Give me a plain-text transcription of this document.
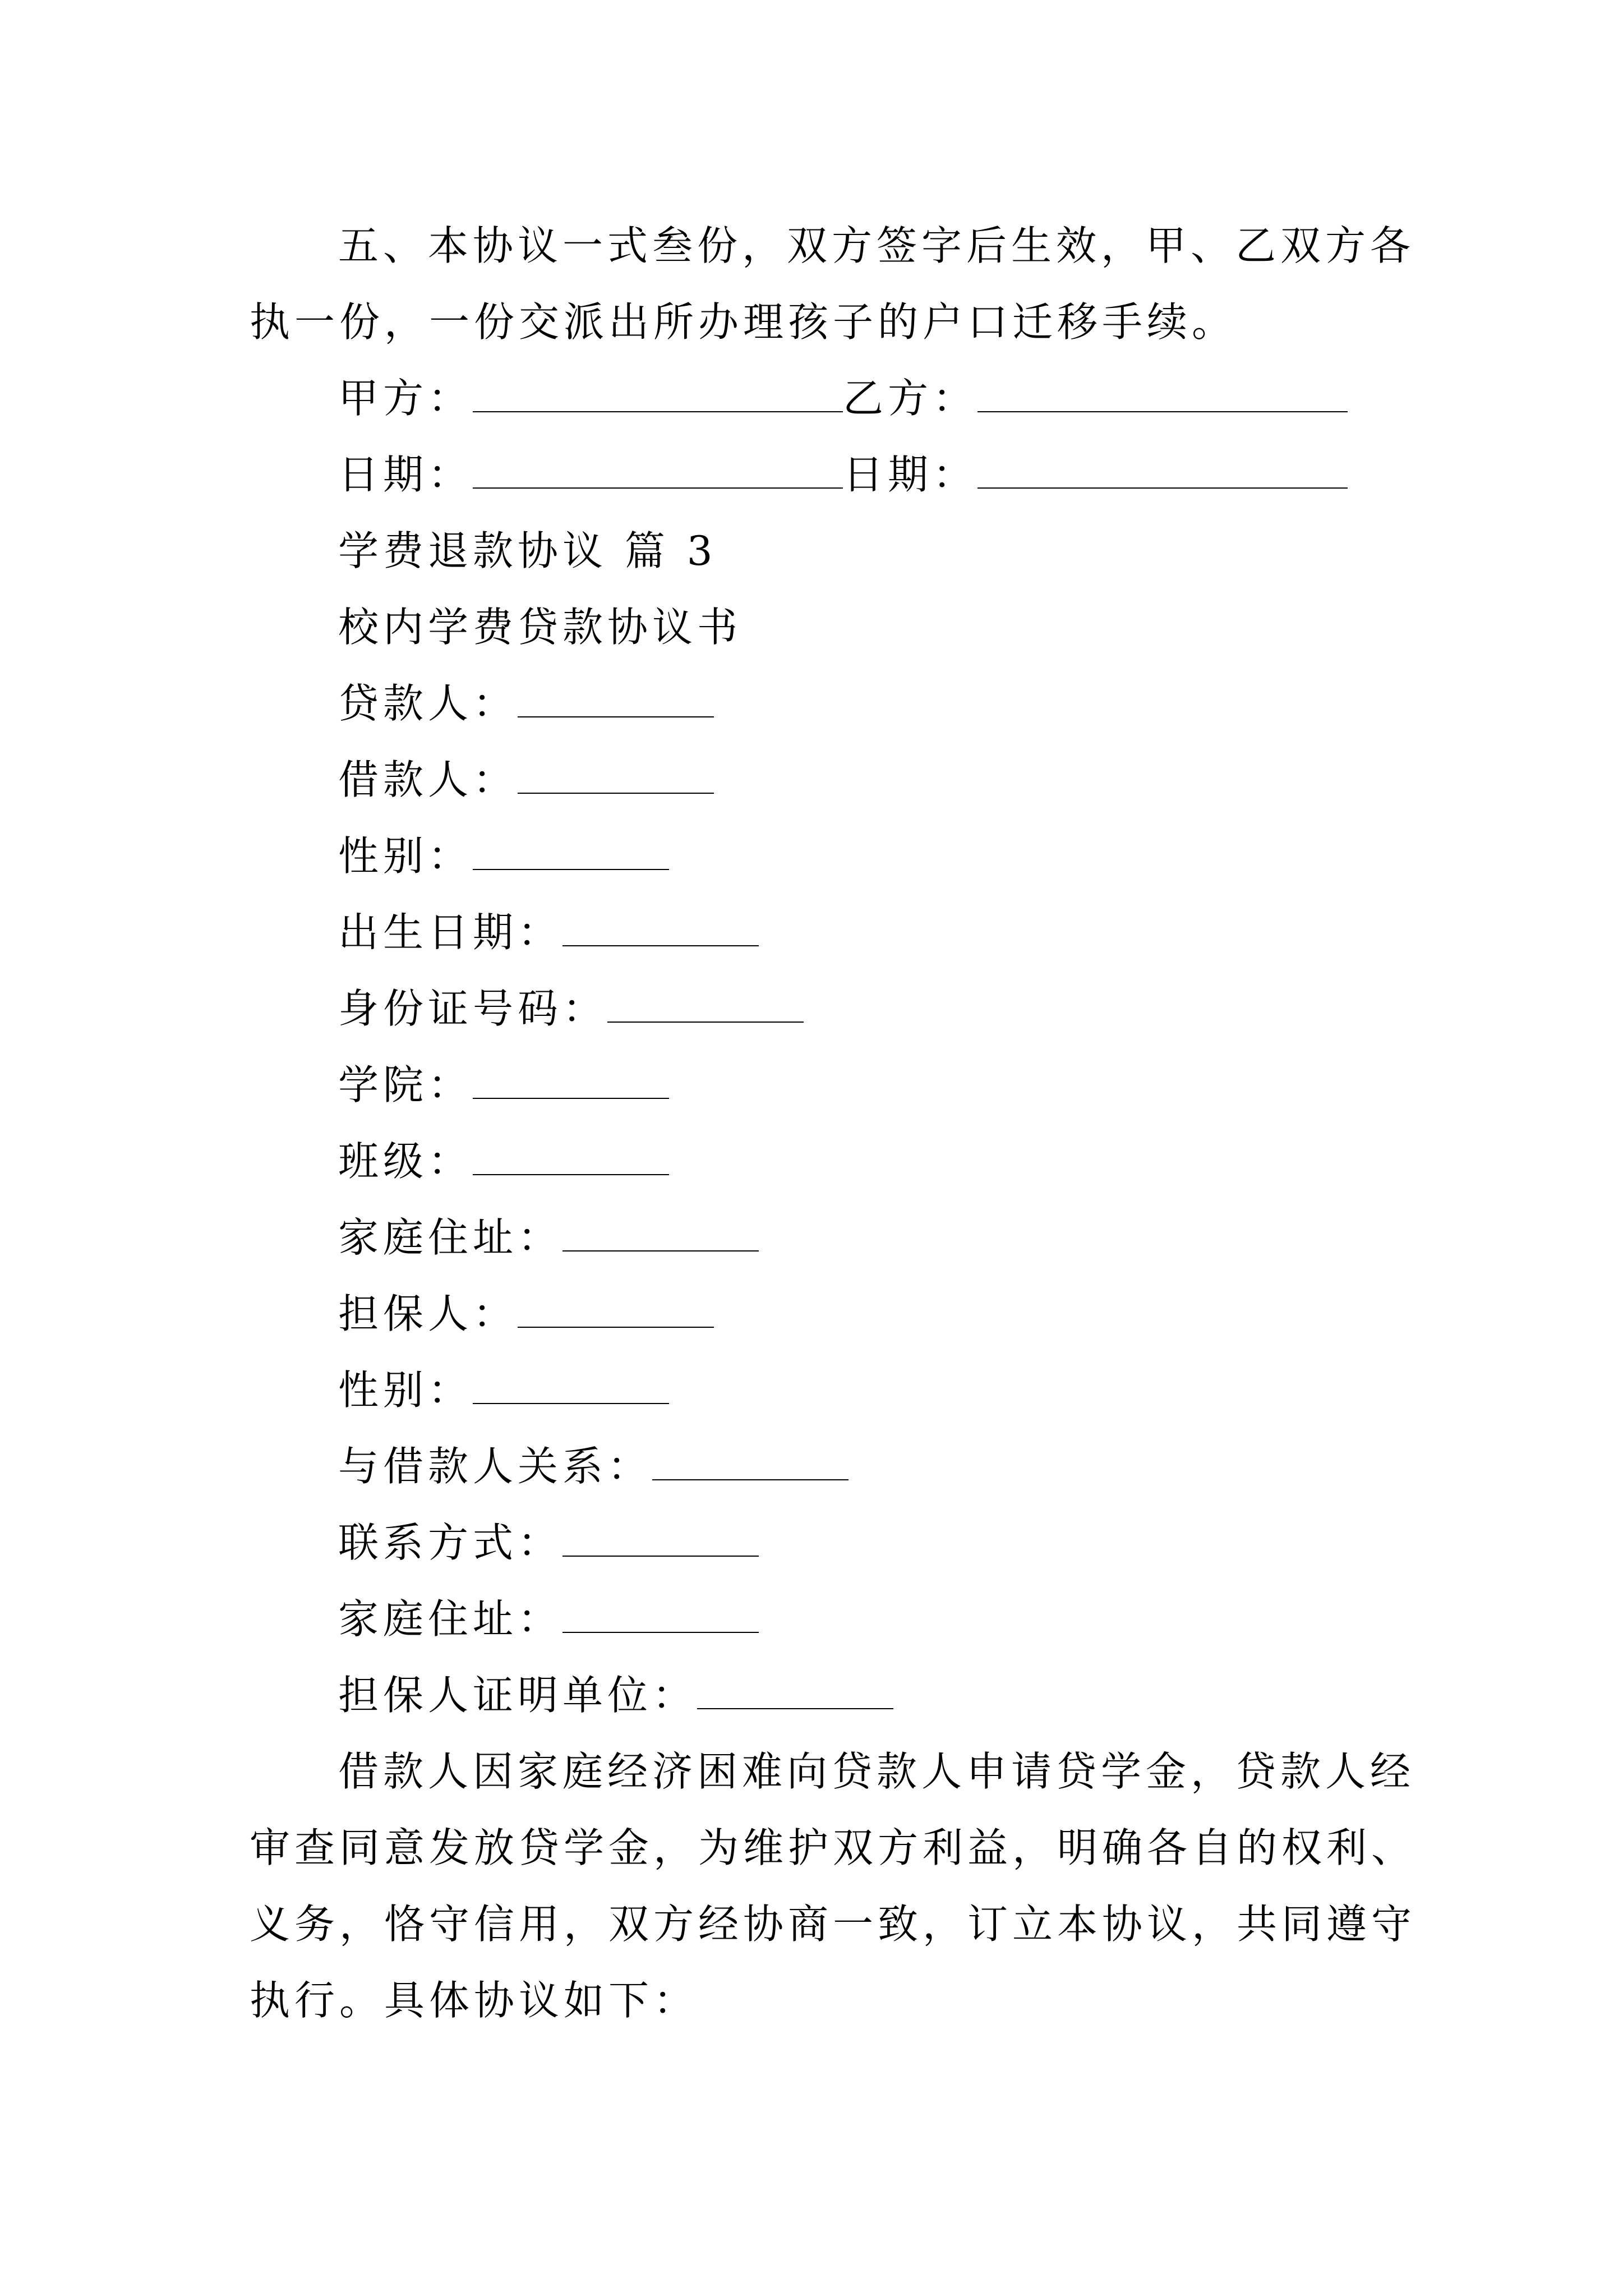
五、本协议一式叁份，双方签字后生效，甲、乙双方各
执一份，一份交派出所办理孩子的户口迁移手续。
甲方：	乙方：
日期：	日期：
学费退款协议 篇 3
校内学费贷款协议书
贷款人：
借款人：
性别：
出生日期：
身份证号码：
学院：
班级：
家庭住址：
担保人：
性别：
与借款人关系：
联系方式：
家庭住址：
担保人证明单位：
借款人因家庭经济困难向贷款人申请贷学金，贷款人经
审查同意发放贷学金，为维护双方利益，明确各自的权利、
义务，恪守信用，双方经协商一致，订立本协议，共同遵守
执行。具体协议如下：
